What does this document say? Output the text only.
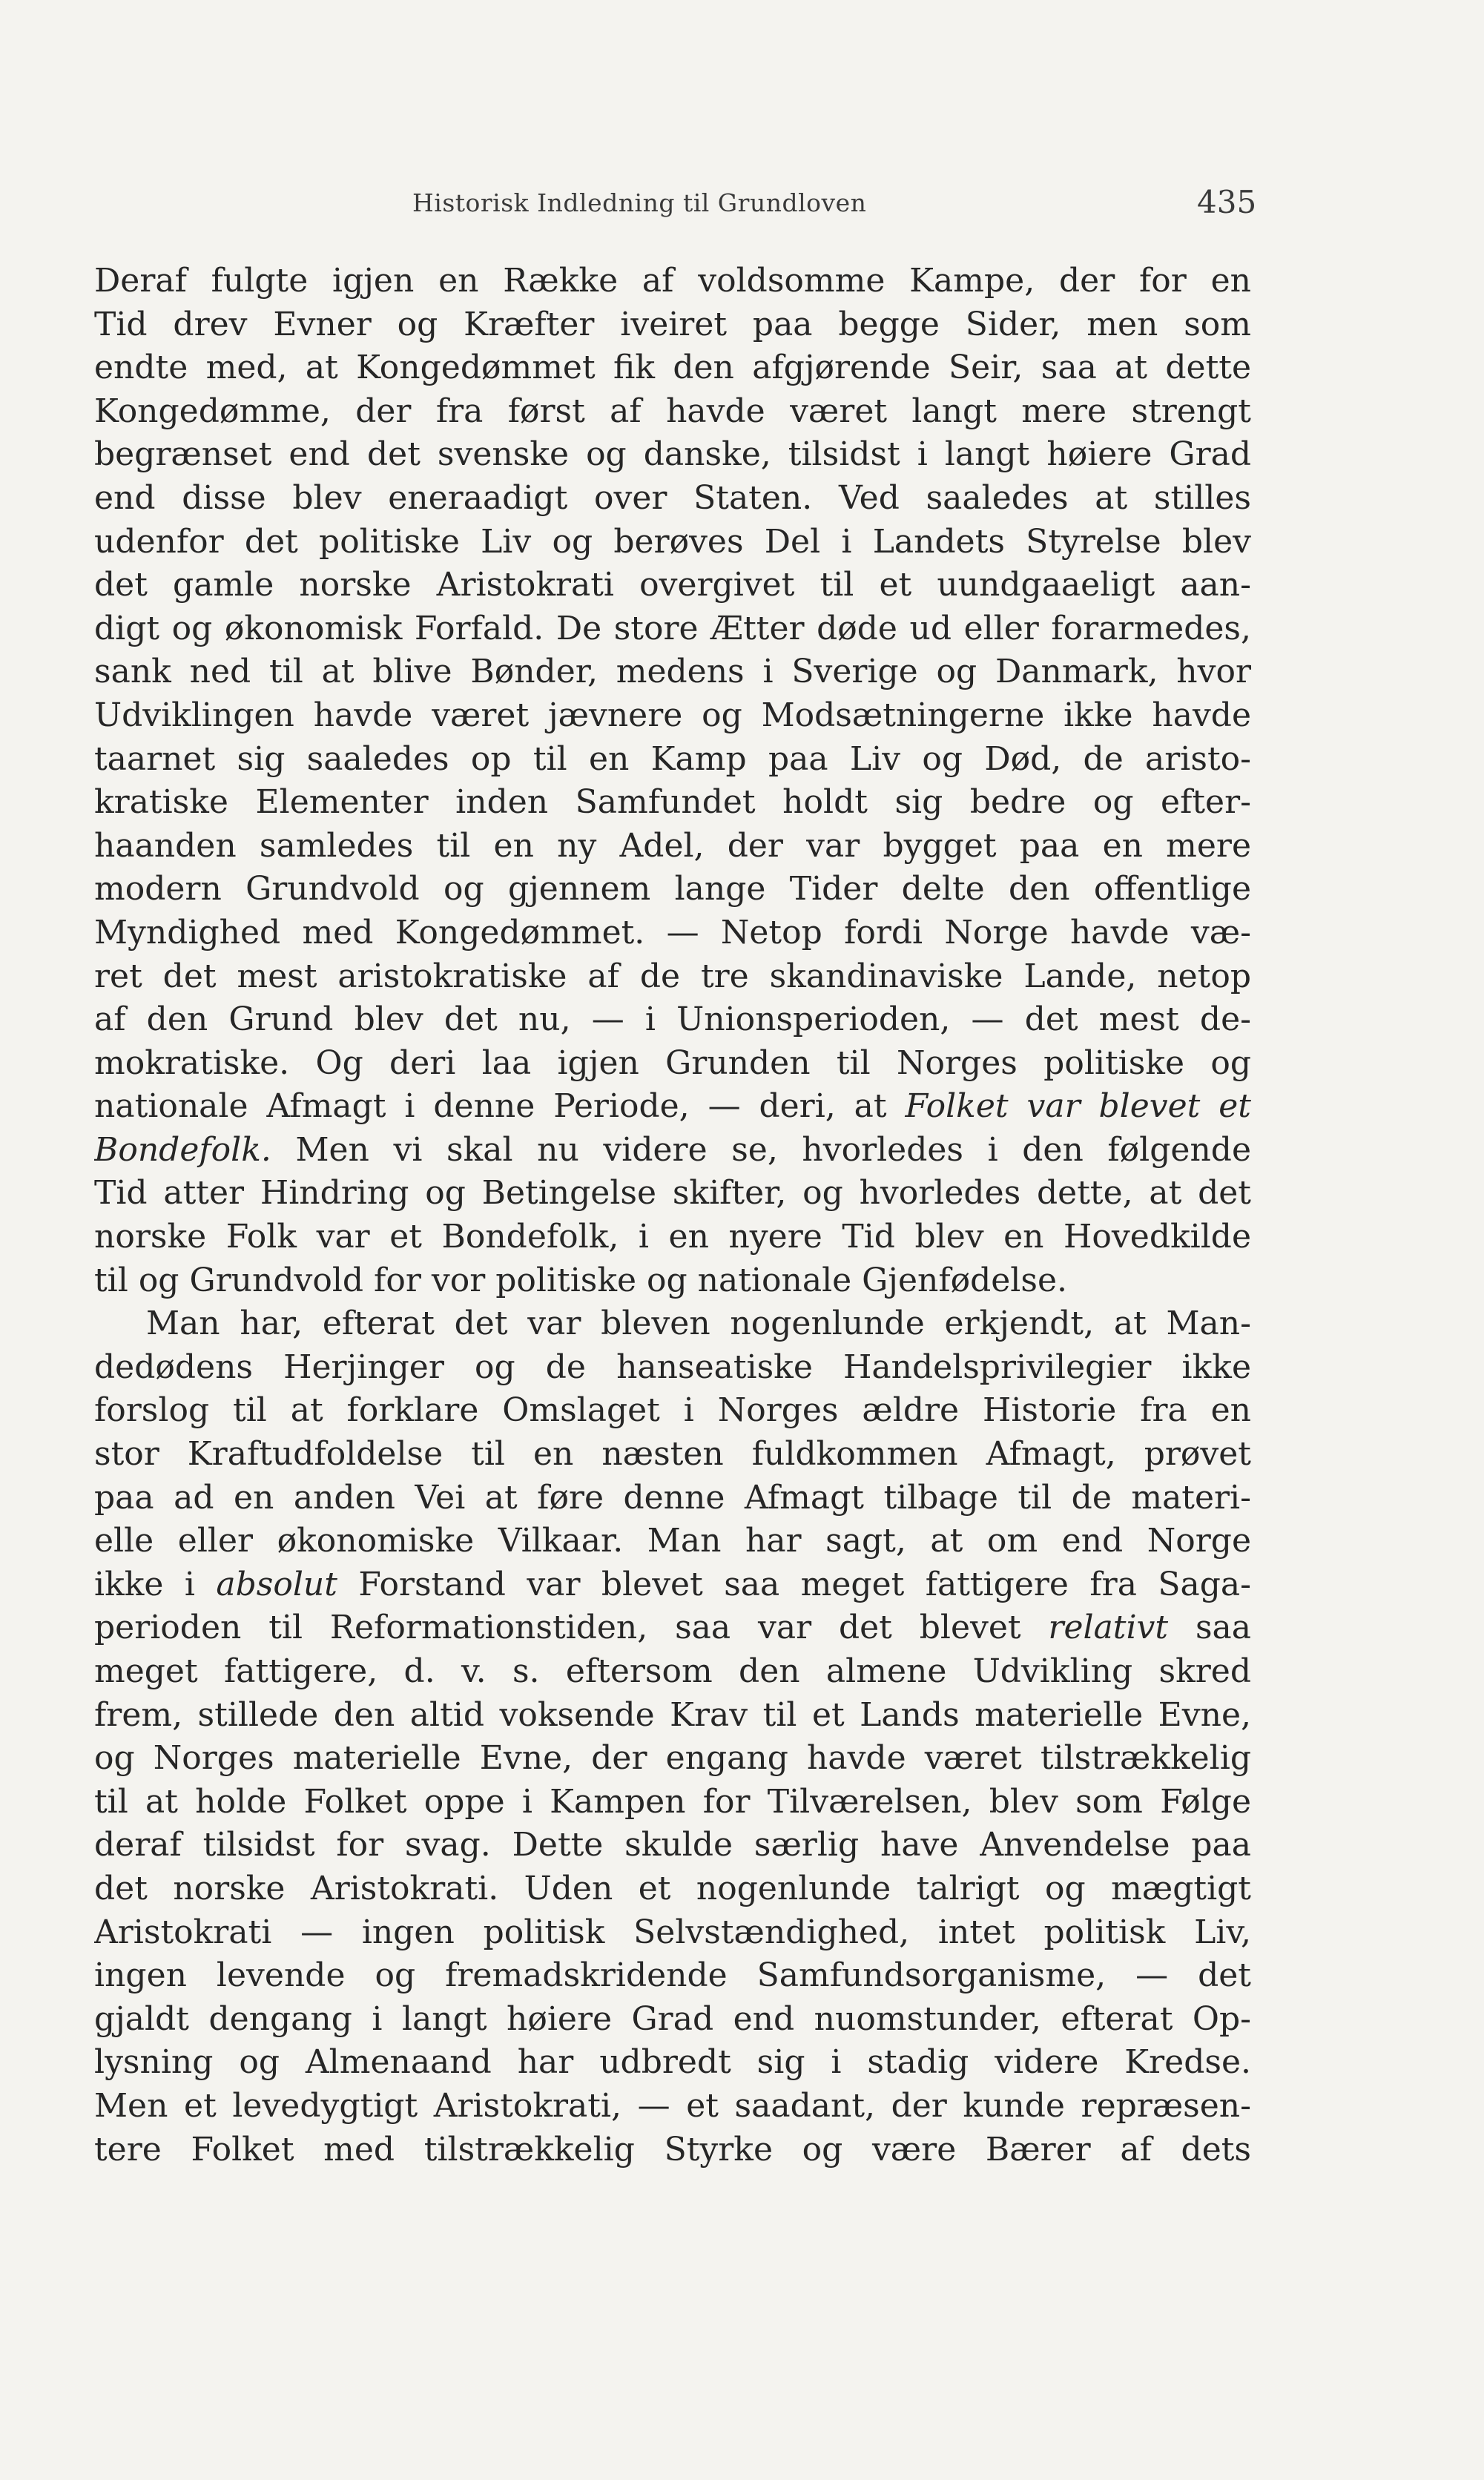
Historisk Indledning til Grundloven	435
Deraf fulgte igjen en Række af voldsomme Kampe, der for en
Tid drev Evner og Kræfter iveiret paa begge Sider, men som
endte med, at Kongedømmet fik den afgjørende Seir, saa at dette
Kongedømme, der fra først af havde været langt mere strengt
begrænset end det svenske og danske, tilsidst i langt høiere Grad
end disse blev eneraadigt over Staten. Ved saaledes at stilles
udenfor det politiske Liv og berøves Del i Landets Styrelse blev
det gamle norske Aristokrati overgivet til et uundgaaeligt aan-
digt og økonomisk Forfald. De store Ætter døde ud eller forarmedes,
sank ned til at blive Bønder, medens i Sverige og Danmark, hvor
Udviklingen havde været jævnere og Modsætningerne ikke havde
taarnet sig saaledes op til en Kamp paa Liv og Død, de aristo-
kratiske Elementer inden Samfundet holdt sig bedre og efter-
haanden samledes til en ny Adel, der var bygget paa en mere
modern Grundvold og gjennem lange Tider delte den offentlige
Myndighed med Kongedømmet. — Netop fordi Norge havde væ-
ret det mest aristokratiske af de tre skandinaviske Lande, netop
af den Grund blev det nu, — i Unionsperioden, — det mest de-
mokratiske. Og deri laa igjen Grunden til Norges politiske og
nationale Afmagt i denne Periode, — deri, at Folket var blevet et
Bondefolk. Men vi skal nu videre se, hvorledes i den følgende
Tid atter Hindring og Betingelse skifter, og hvorledes dette, at det
norske Folk var et Bondefolk, i en nyere Tid blev en Hovedkilde
til og Grundvold for vor politiske og nationale Gjenfødelse.
Man har, efterat det var bleven nogenlunde erkjendt, at Man-
dedødens Herjinger og de hanseatiske Handelsprivilegier ikke
forslog til at forklare Omslaget i Norges ældre Historie fra en
stor Kraftudfoldelse til en næsten fuldkommen Afmagt, prøvet
paa ad en anden Vei at føre denne Afmagt tilbage til de materi-
elle eller økonomiske Vilkaar. Man har sagt, at om end Norge
ikke i absolut Forstand var blevet saa meget fattigere fra Saga-
perioden til Reformationstiden, saa var det blevet relativt saa
meget fattigere, d. v. s. eftersom den almene Udvikling skred
frem, stillede den altid voksende Krav til et Lands materielle Evne,
og Norges materielle Evne, der engang havde været tilstrækkelig
til at holde Folket oppe i Kampen for Tilværelsen, blev som Følge
deraf tilsidst for svag. Dette skulde særlig have Anvendelse paa
det norske Aristokrati. Uden et nogenlunde talrigt og mægtigt
Aristokrati — ingen politisk Selvstændighed, intet politisk Liv,
ingen levende og fremadskridende Samfundsorganisme, — det
gjaldt dengang i langt høiere Grad end nuomstunder, efterat Op-
lysning og Almenaand har udbredt sig i stadig videre Kredse.
Men et levedygtigt Aristokrati, — et saadant, der kunde repræsen-
tere Folket med tilstrækkelig Styrke og være Bærer af dets
